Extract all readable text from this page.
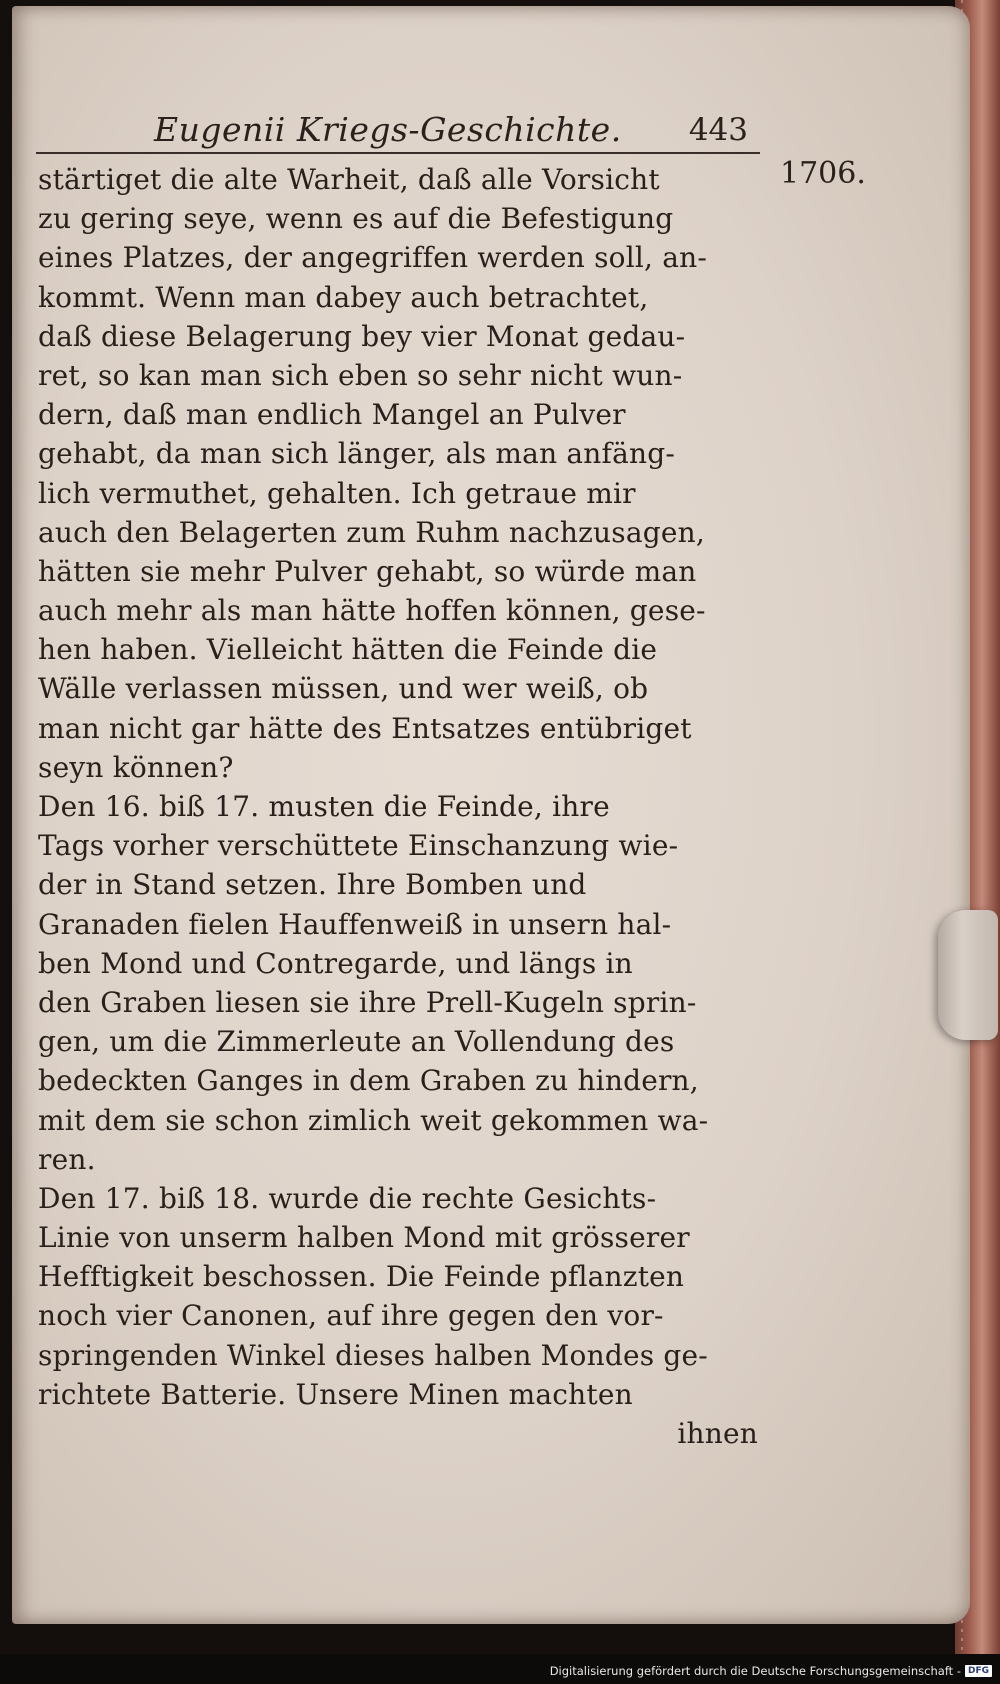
Eugenii Kriegs-Geschichte. 443
1706.
stärtiget die alte Warheit, daß alle Vorsicht
zu gering seye, wenn es auf die Befestigung
eines Platzes, der angegriffen werden soll, an-
kommt. Wenn man dabey auch betrachtet,
daß diese Belagerung bey vier Monat gedau-
ret, so kan man sich eben so sehr nicht wun-
dern, daß man endlich Mangel an Pulver
gehabt, da man sich länger, als man anfäng-
lich vermuthet, gehalten. Ich getraue mir
auch den Belagerten zum Ruhm nachzusagen,
hätten sie mehr Pulver gehabt, so würde man
auch mehr als man hätte hoffen können, gese-
hen haben. Vielleicht hätten die Feinde die
Wälle verlassen müssen, und wer weiß, ob
man nicht gar hätte des Entsatzes entübriget
seyn können?
Den 16. biß 17. musten die Feinde, ihre
Tags vorher verschüttete Einschanzung wie-
der in Stand setzen. Ihre Bomben und
Granaden fielen Hauffenweiß in unsern hal-
ben Mond und Contregarde, und längs in
den Graben liesen sie ihre Prell-Kugeln sprin-
gen, um die Zimmerleute an Vollendung des
bedeckten Ganges in dem Graben zu hindern,
mit dem sie schon zimlich weit gekommen wa-
ren.
Den 17. biß 18. wurde die rechte Gesichts-
Linie von unserm halben Mond mit grösserer
Hefftigkeit beschossen. Die Feinde pflanzten
noch vier Canonen, auf ihre gegen den vor-
springenden Winkel dieses halben Mondes ge-
richtete Batterie. Unsere Minen machten
ihnen
Digitalisierung gefördert durch die Deutsche Forschungsgemeinschaft - DFG
